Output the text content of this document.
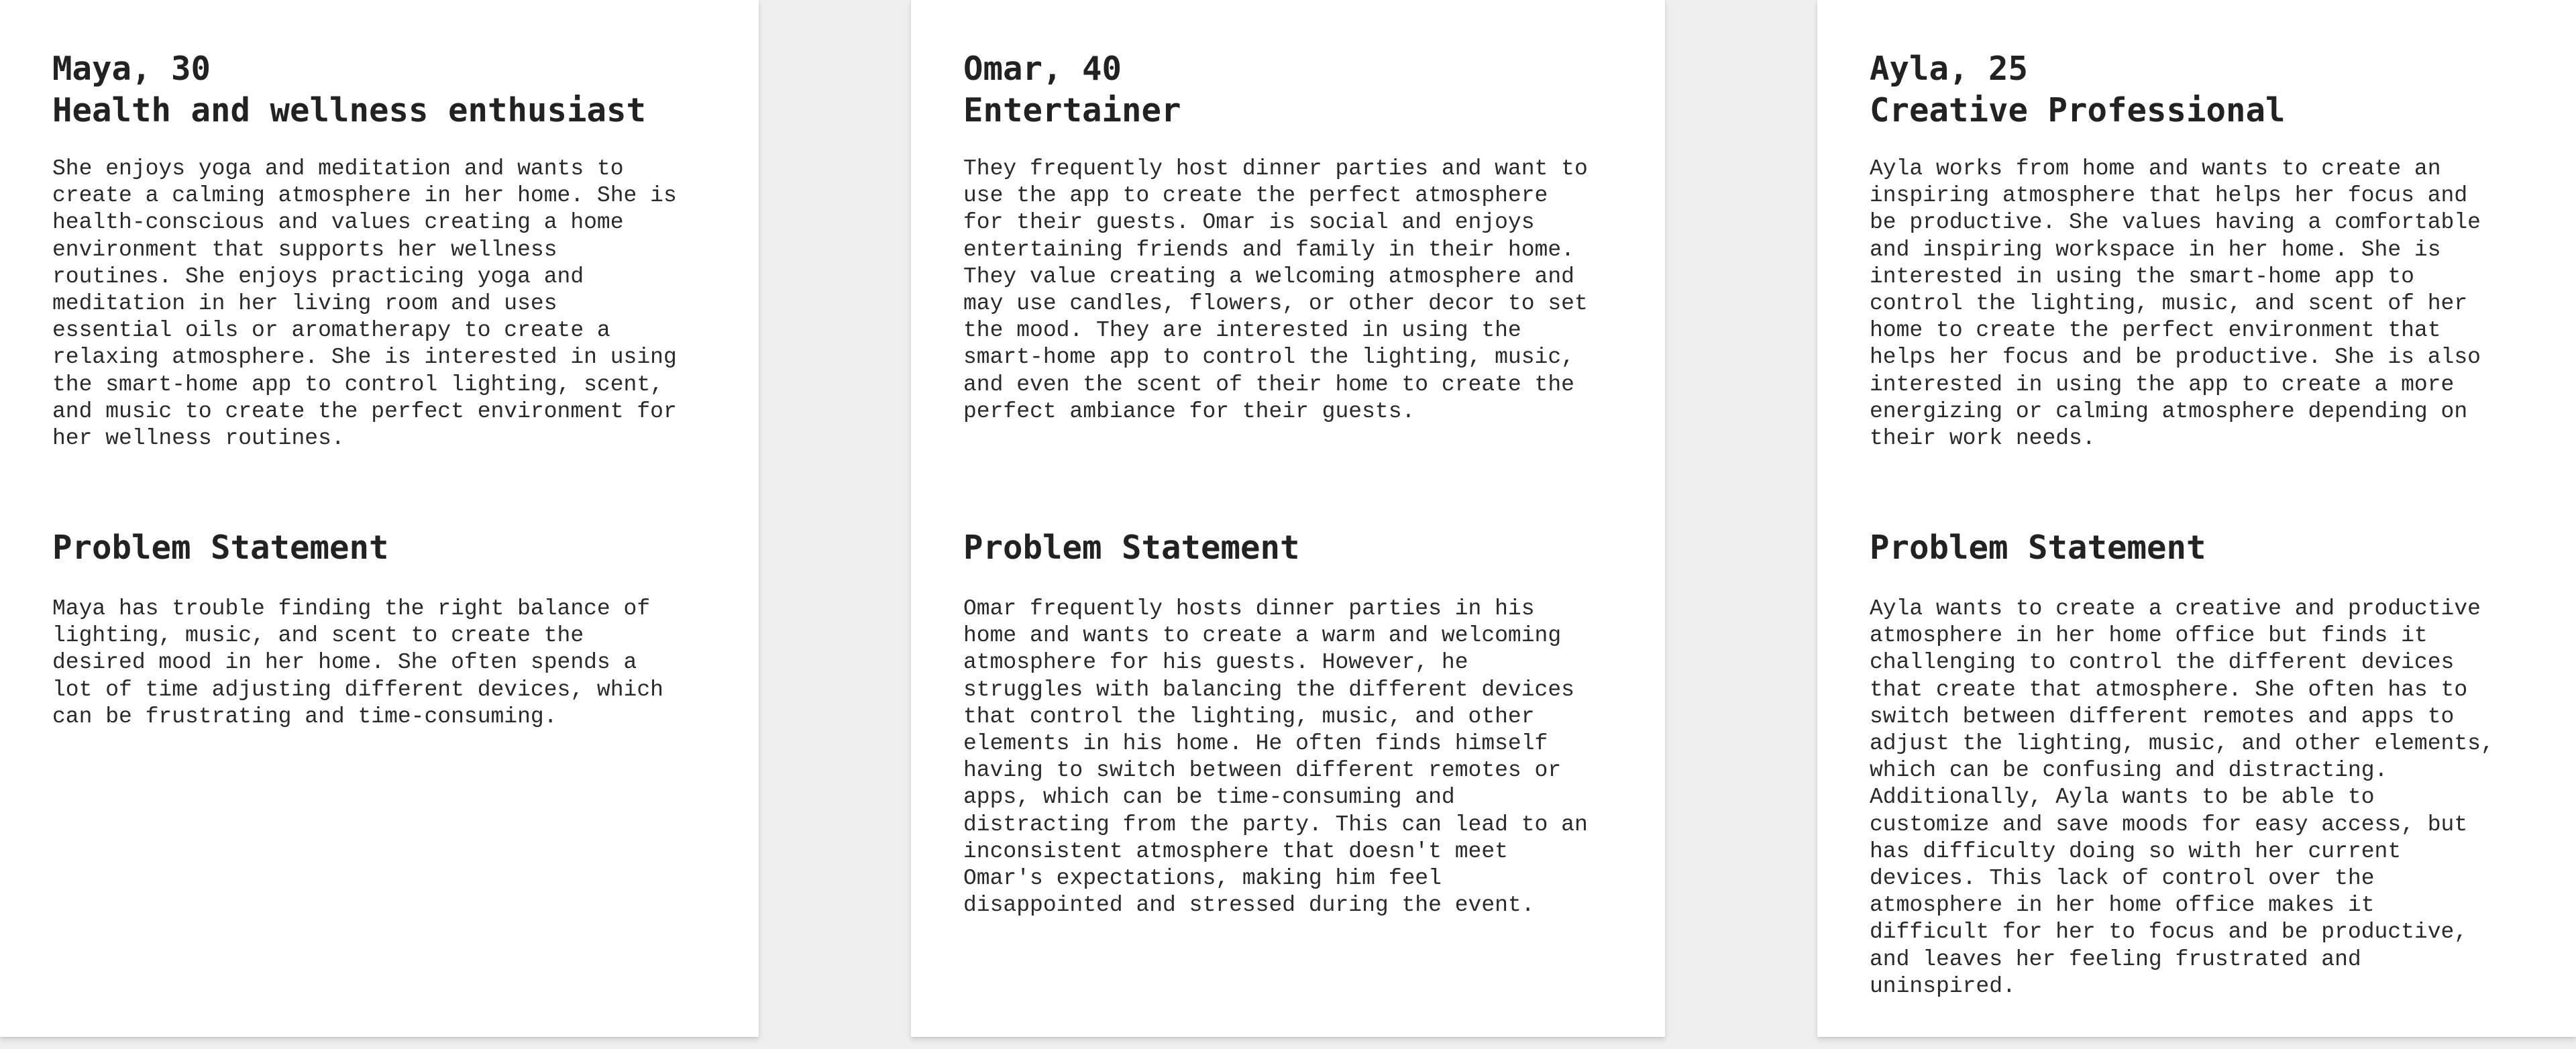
Maya, 30
Health and wellness enthusiast

She enjoys yoga and meditation and wants to
create a calming atmosphere in her home. She is
health-conscious and values creating a home
environment that supports her wellness
routines. She enjoys practicing yoga and
meditation in her living room and uses
essential oils or aromatherapy to create a
relaxing atmosphere. She is interested in using
the smart-home app to control lighting, scent,
and music to create the perfect environment for
her wellness routines.

Problem Statement

Maya has trouble finding the right balance of
lighting, music, and scent to create the
desired mood in her home. She often spends a
lot of time adjusting different devices, which
can be frustrating and time-consuming.

Omar, 40
Entertainer

They frequently host dinner parties and want to
use the app to create the perfect atmosphere
for their guests. Omar is social and enjoys
entertaining friends and family in their home.
They value creating a welcoming atmosphere and
may use candles, flowers, or other decor to set
the mood. They are interested in using the
smart-home app to control the lighting, music,
and even the scent of their home to create the
perfect ambiance for their guests.

Problem Statement

Omar frequently hosts dinner parties in his
home and wants to create a warm and welcoming
atmosphere for his guests. However, he
struggles with balancing the different devices
that control the lighting, music, and other
elements in his home. He often finds himself
having to switch between different remotes or
apps, which can be time-consuming and
distracting from the party. This can lead to an
inconsistent atmosphere that doesn't meet
Omar's expectations, making him feel
disappointed and stressed during the event.

Ayla, 25
Creative Professional

Ayla works from home and wants to create an
inspiring atmosphere that helps her focus and
be productive. She values having a comfortable
and inspiring workspace in her home. She is
interested in using the smart-home app to
control the lighting, music, and scent of her
home to create the perfect environment that
helps her focus and be productive. She is also
interested in using the app to create a more
energizing or calming atmosphere depending on
their work needs.

Problem Statement

Ayla wants to create a creative and productive
atmosphere in her home office but finds it
challenging to control the different devices
that create that atmosphere. She often has to
switch between different remotes and apps to
adjust the lighting, music, and other elements,
which can be confusing and distracting.
Additionally, Ayla wants to be able to
customize and save moods for easy access, but
has difficulty doing so with her current
devices. This lack of control over the
atmosphere in her home office makes it
difficult for her to focus and be productive,
and leaves her feeling frustrated and
uninspired.
